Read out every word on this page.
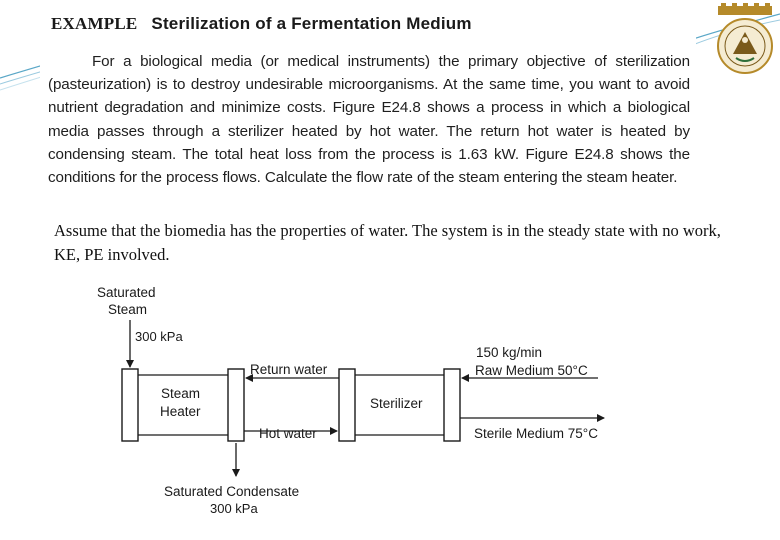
EXAMPLE Sterilization of a Fermentation Medium
For a biological media (or medical instruments) the primary objective of sterilization (pasteurization) is to destroy undesirable microorganisms. At the same time, you want to avoid nutrient degradation and minimize costs. Figure E24.8 shows a process in which a biological media passes through a sterilizer heated by hot water. The return hot water is heated by condensing steam. The total heat loss from the process is 1.63 kW. Figure E24.8 shows the conditions for the process flows. Calculate the flow rate of the steam entering the steam heater.
Assume that the biomedia has the properties of water. The system is in the steady state with no work, KE, PE involved.
Saturated
Steam
300 kPa
Steam
Heater
Return water
Hot water
Sterilizer
150 kg/min
Raw Medium 50°C
Sterile Medium 75°C
Saturated Condensate
300 kPa
